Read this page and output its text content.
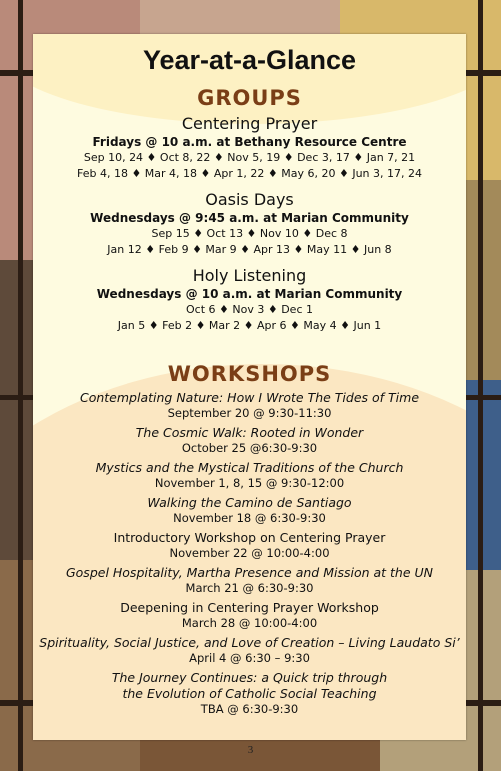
Year-at-a-Glance
GROUPS

Centering Prayer

Fridays @ 10 a.m. at Bethany Resource Centre

Sep 10, 24 ♦ Oct 8, 22 ♦ Nov 5, 19 ♦ Dec 3, 17 ♦ Jan 7, 21

Feb 4, 18 ♦ Mar 4, 18 ♦ Apr 1, 22 ♦ May 6, 20 ♦ Jun 3, 17, 24

Oasis Days

Wednesdays @ 9:45 a.m. at Marian Community

Sep 15 ♦ Oct 13 ♦ Nov 10 ♦ Dec 8

Jan 12 ♦ Feb 9 ♦ Mar 9 ♦ Apr 13 ♦ May 11 ♦ Jun 8

Holy Listening

Wednesdays @ 10 a.m. at Marian Community

Oct 6 ♦ Nov 3 ♦ Dec 1

Jan 5 ♦ Feb 2 ♦ Mar 2 ♦ Apr 6 ♦ May 4 ♦ Jun 1

WORKSHOPS

Contemplating Nature: How I Wrote The Tides of Time

September 20 @ 9:30-11:30

The Cosmic Walk: Rooted in Wonder

October 25 @6:30-9:30

Mystics and the Mystical Traditions of the Church

November 1, 8, 15 @ 9:30-12:00

Walking the Camino de Santiago

November 18 @ 6:30-9:30

Introductory Workshop on Centering Prayer

November 22 @ 10:00-4:00

Gospel Hospitality, Martha Presence and Mission at the UN

March 21 @ 6:30-9:30

Deepening in Centering Prayer Workshop

March 28 @ 10:00-4:00

Spirituality, Social Justice, and Love of Creation – Living Laudato Si’

April 4 @ 6:30 – 9:30

The Journey Continues: a Quick trip through

the Evolution of Catholic Social Teaching

TBA @ 6:30-9:30

3
